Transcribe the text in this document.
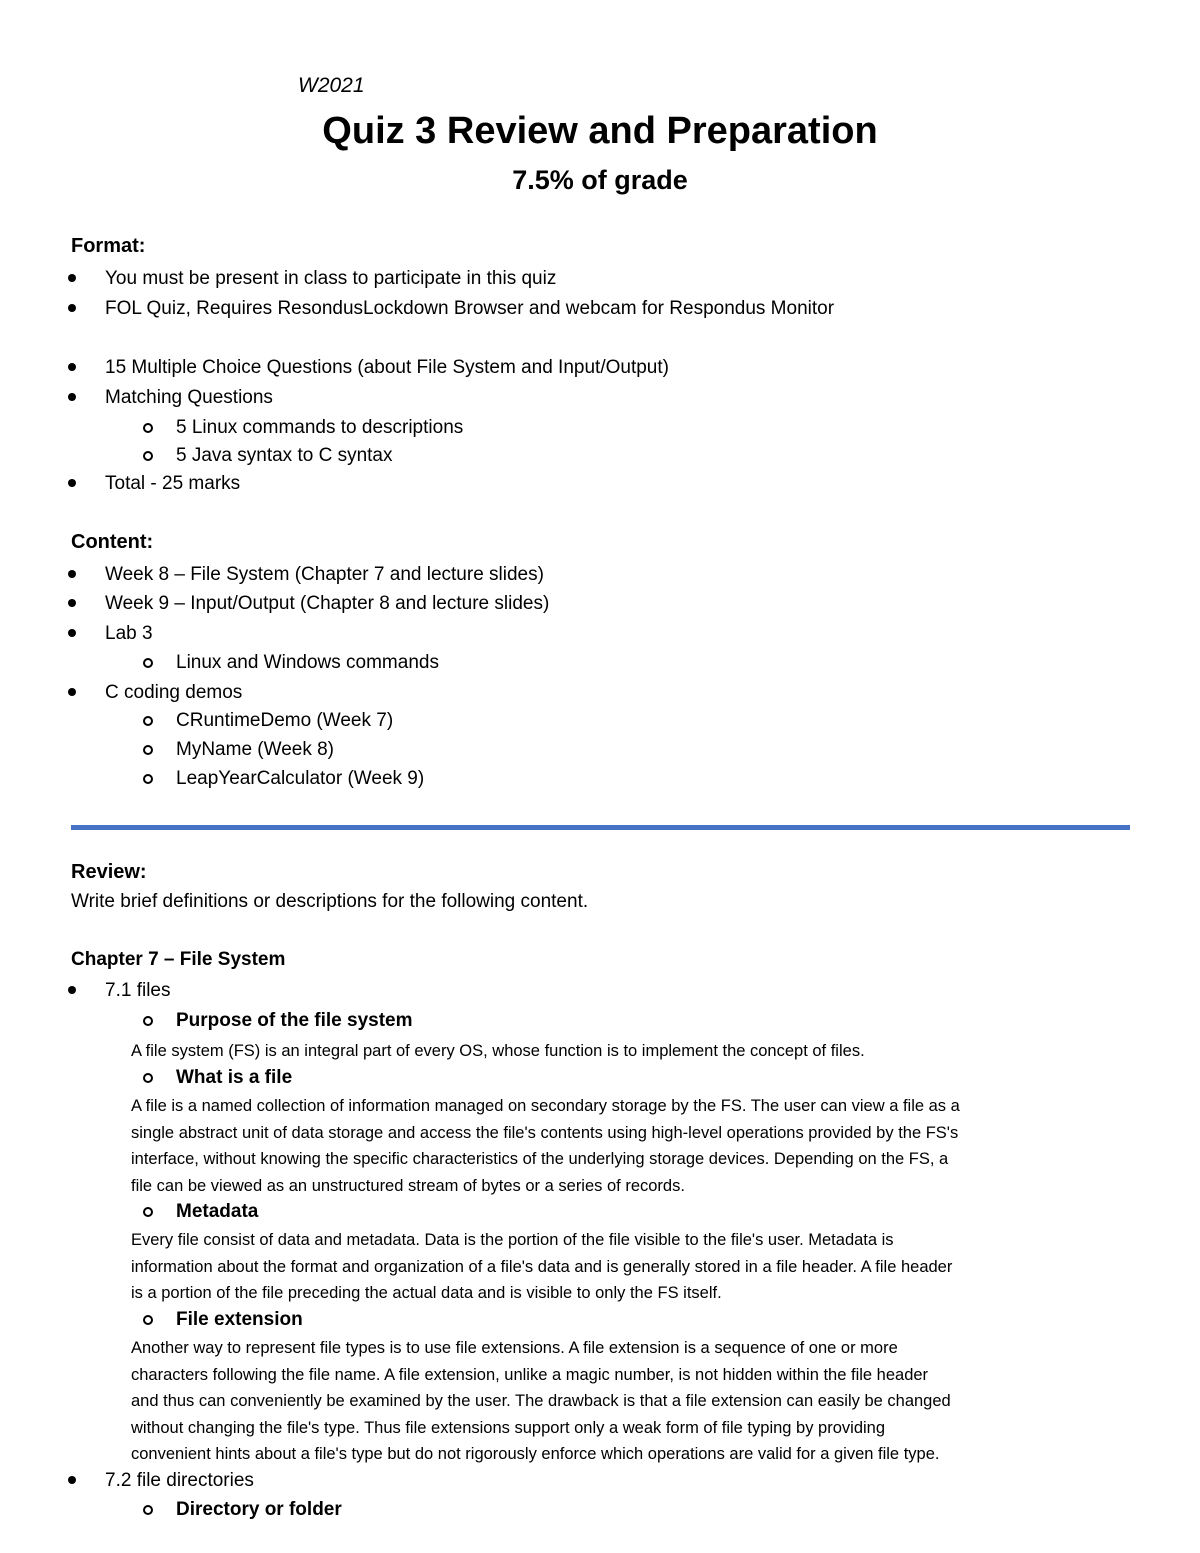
W2021
Quiz 3 Review and Preparation
7.5% of grade
Format:
You must be present in class to participate in this quiz
FOL Quiz, Requires ResondusLockdown Browser and webcam for Respondus Monitor
15 Multiple Choice Questions (about File System and Input/Output)
Matching Questions
5 Linux commands to descriptions
5 Java syntax to C syntax
Total - 25 marks
Content:
Week 8 – File System (Chapter 7 and lecture slides)
Week 9 – Input/Output (Chapter 8 and lecture slides)
Lab 3
Linux and Windows commands
C coding demos
CRuntimeDemo (Week 7)
MyName (Week 8)
LeapYearCalculator (Week 9)
Review:
Write brief definitions or descriptions for the following content.
Chapter 7 – File System
7.1 files
Purpose of the file system
A file system (FS) is an integral part of every OS, whose function is to implement the concept of files.
What is a file
A file is a named collection of information managed on secondary storage by the FS. The user can view a file as a
single abstract unit of data storage and access the file's contents using high-level operations provided by the FS's
interface, without knowing the specific characteristics of the underlying storage devices. Depending on the FS, a
file can be viewed as an unstructured stream of bytes or a series of records.
Metadata
Every file consist of data and metadata. Data is the portion of the file visible to the file's user. Metadata is
information about the format and organization of a file's data and is generally stored in a file header. A file header
is a portion of the file preceding the actual data and is visible to only the FS itself.
File extension
Another way to represent file types is to use file extensions. A file extension is a sequence of one or more
characters following the file name. A file extension, unlike a magic number, is not hidden within the file header
and thus can conveniently be examined by the user. The drawback is that a file extension can easily be changed
without changing the file's type. Thus file extensions support only a weak form of file typing by providing
convenient hints about a file's type but do not rigorously enforce which operations are valid for a given file type.
7.2 file directories
Directory or folder
